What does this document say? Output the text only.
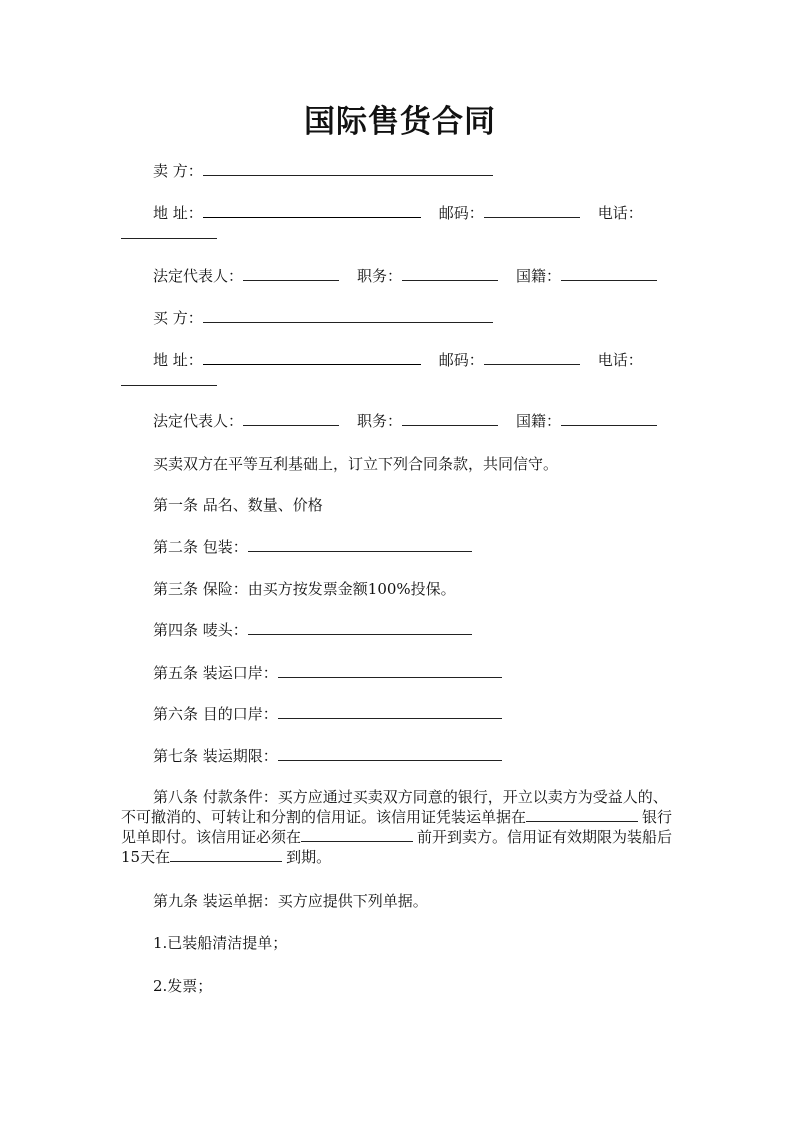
国际售货合同
卖 方：
地 址：	邮码：	电话：
法定代表人：	职务：	国籍：
买 方：
地 址：	邮码：	电话：
法定代表人：	职务：	国籍：
买卖双方在平等互利基础上，订立下列合同条款，共同信守。
第一条 品名、数量、价格
第二条 包装：
第三条 保险：由买方按发票金额100%投保。
第四条 唛头：
第五条 装运口岸：
第六条 目的口岸：
第七条 装运期限：
第八条 付款条件：买方应通过买卖双方同意的银行，开立以卖方为受益人的、不可撤消的、可转让和分割的信用证。该信用证凭装运单据在	银行见单即付。该信用证必须在	前开到卖方。信用证有效期限为装船后15天在	到期。
第九条 装运单据：买方应提供下列单据。
1.已装船清洁提单；
2.发票；
